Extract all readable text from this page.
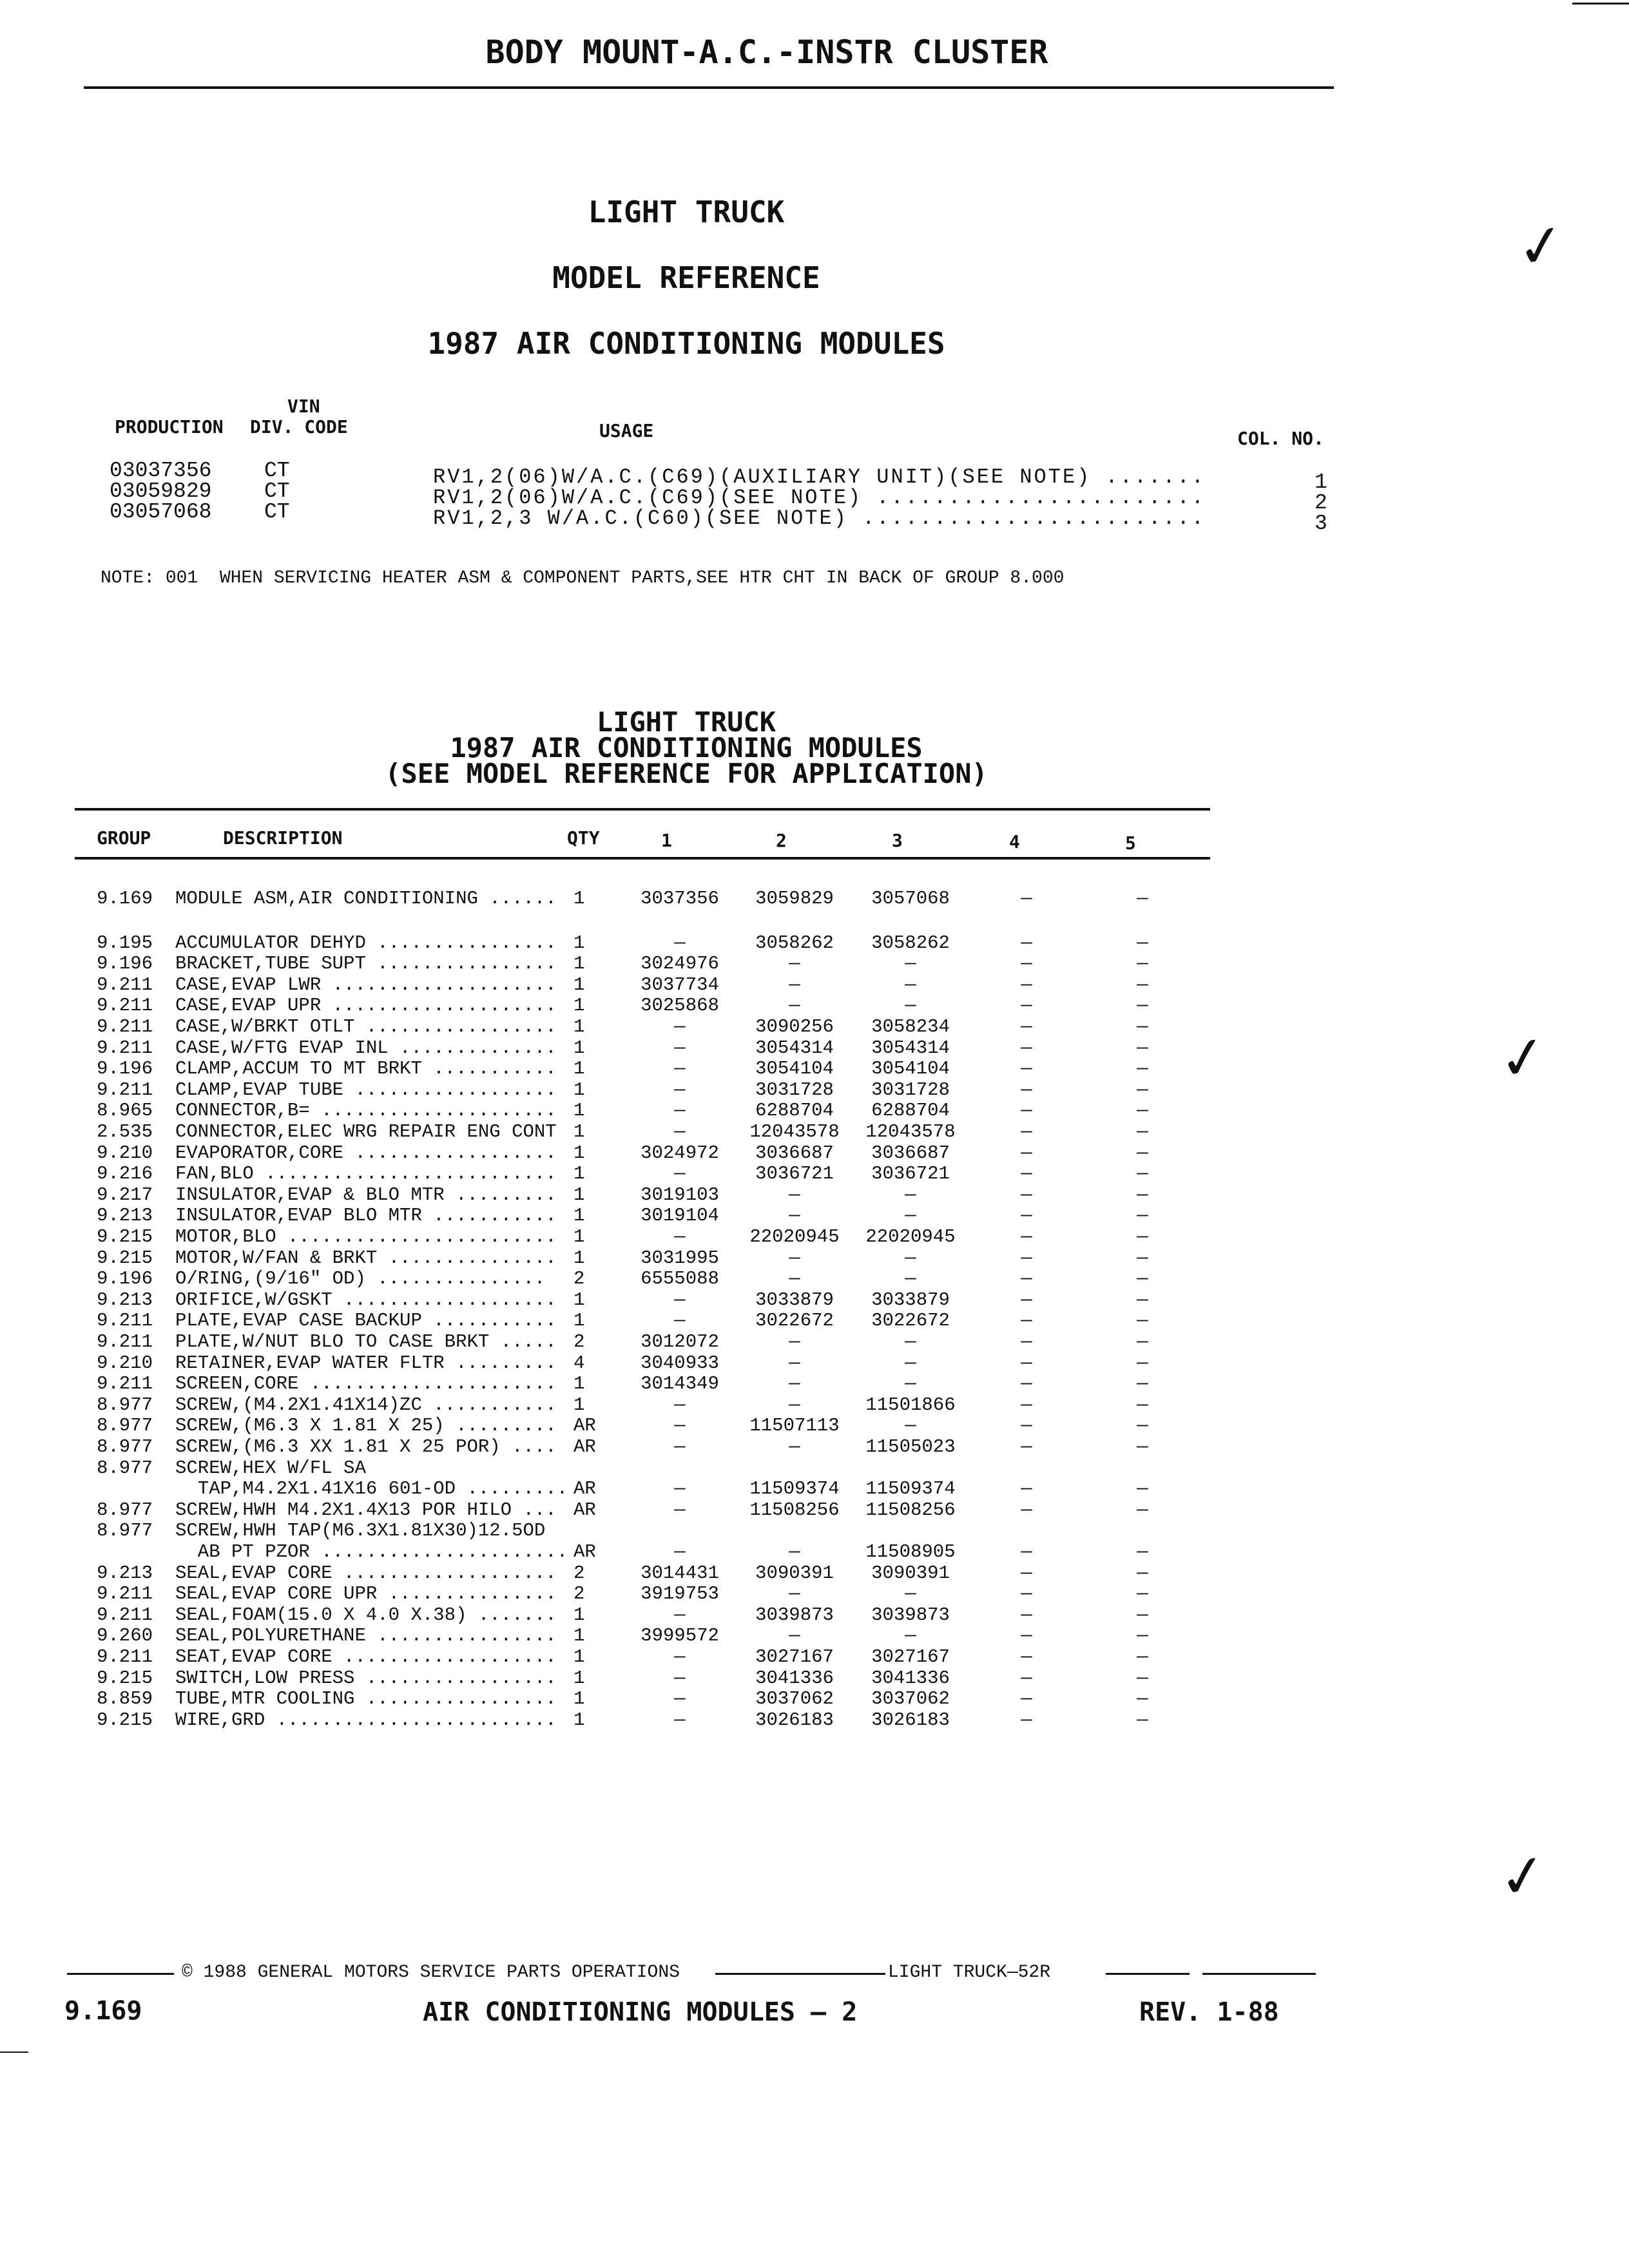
BODY MOUNT-A.C.-INSTR CLUSTER
LIGHT TRUCK
MODEL REFERENCE
1987 AIR CONDITIONING MODULES
VIN
PRODUCTION DIV. CODE	USAGE	COL. NO.
03037356 CT	RV1,2(06)W/A.C.(C69)(AUXILIARY UNIT)(SEE NOTE) .......	1
03059829 CT	RV1,2(06)W/A.C.(C69)(SEE NOTE) .......................	2
03057068 CT	RV1,2,3 W/A.C.(C60)(SEE NOTE) ........................	3
NOTE: 001  WHEN SERVICING HEATER ASM & COMPONENT PARTS,SEE HTR CHT IN BACK OF GROUP 8.000
LIGHT TRUCK
1987 AIR CONDITIONING MODULES
(SEE MODEL REFERENCE FOR APPLICATION)
GROUP	DESCRIPTION	QTY	1	2	3	4	5
9.169 MODULE ASM,AIR CONDITIONING ...... 1	3037356	3059829	3057068	—	—
9.195 ACCUMULATOR DEHYD ................ 1	—	3058262	3058262	—	—
9.196 BRACKET,TUBE SUPT ................ 1	3024976	—	—	—	—
9.211 CASE,EVAP LWR .................... 1	3037734	—	—	—	—
9.211 CASE,EVAP UPR .................... 1	3025868	—	—	—	—
9.211 CASE,W/BRKT OTLT ................. 1	—	3090256	3058234	—	—
9.211 CASE,W/FTG EVAP INL .............. 1	—	3054314	3054314	—	—
9.196 CLAMP,ACCUM TO MT BRKT ........... 1	—	3054104	3054104	—	—
9.211 CLAMP,EVAP TUBE .................. 1	—	3031728	3031728	—	—
8.965 CONNECTOR,B= ..................... 1	—	6288704	6288704	—	—
2.535 CONNECTOR,ELEC WRG REPAIR ENG CONT 1	—	12043578	12043578	—	—
9.210 EVAPORATOR,CORE .................. 1	3024972	3036687	3036687	—	—
9.216 FAN,BLO .......................... 1	—	3036721	3036721	—	—
9.217 INSULATOR,EVAP & BLO MTR ......... 1	3019103	—	—	—	—
9.213 INSULATOR,EVAP BLO MTR ........... 1	3019104	—	—	—	—
9.215 MOTOR,BLO ........................ 1	—	22020945	22020945	—	—
9.215 MOTOR,W/FAN & BRKT ............... 1	3031995	—	—	—	—
9.196 O/RING,(9/16" OD) ...............	2	6555088	—	—	—	—
9.213 ORIFICE,W/GSKT ................... 1	—	3033879	3033879	—	—
9.211 PLATE,EVAP CASE BACKUP ........... 1	—	3022672	3022672	—	—
9.211 PLATE,W/NUT BLO TO CASE BRKT ..... 2	3012072	—	—	—	—
9.210 RETAINER,EVAP WATER FLTR ......... 4	3040933	—	—	—	—
9.211 SCREEN,CORE ...................... 1	3014349	—	—	—	—
8.977 SCREW,(M4.2X1.41X14)ZC ........... 1	—	—	11501866	—	—
8.977 SCREW,(M6.3 X 1.81 X 25) ......... AR	—	11507113	—	—	—
8.977 SCREW,(M6.3 XX 1.81 X 25 POR) .... AR	—	—	11505023	—	—
8.977 SCREW,HEX W/FL SA
TAP,M4.2X1.41X16 601-OD ......... AR	—	11509374	11509374	—	—
8.977 SCREW,HWH M4.2X1.4X13 POR HILO ... AR	—	11508256	11508256	—	—
8.977 SCREW,HWH TAP(M6.3X1.81X30)12.5OD
AB PT PZOR ...................... AR	—	—	11508905	—	—
9.213 SEAL,EVAP CORE ................... 2	3014431	3090391	3090391	—	—
9.211 SEAL,EVAP CORE UPR ............... 2	3919753	—	—	—	—
9.211 SEAL,FOAM(15.0 X 4.0 X.38) ....... 1	—	3039873	3039873	—	—
9.260 SEAL,POLYURETHANE ................ 1	3999572	—	—	—	—
9.211 SEAT,EVAP CORE ................... 1	—	3027167	3027167	—	—
9.215 SWITCH,LOW PRESS ................. 1	—	3041336	3041336	—	—
8.859 TUBE,MTR COOLING ................. 1	—	3037062	3037062	—	—
9.215 WIRE,GRD ......................... 1	—	3026183	3026183	—	—
© 1988 GENERAL MOTORS SERVICE PARTS OPERATIONS	LIGHT TRUCK—52R
9.169	AIR CONDITIONING MODULES — 2	REV. 1-88
✓
✓
✓
